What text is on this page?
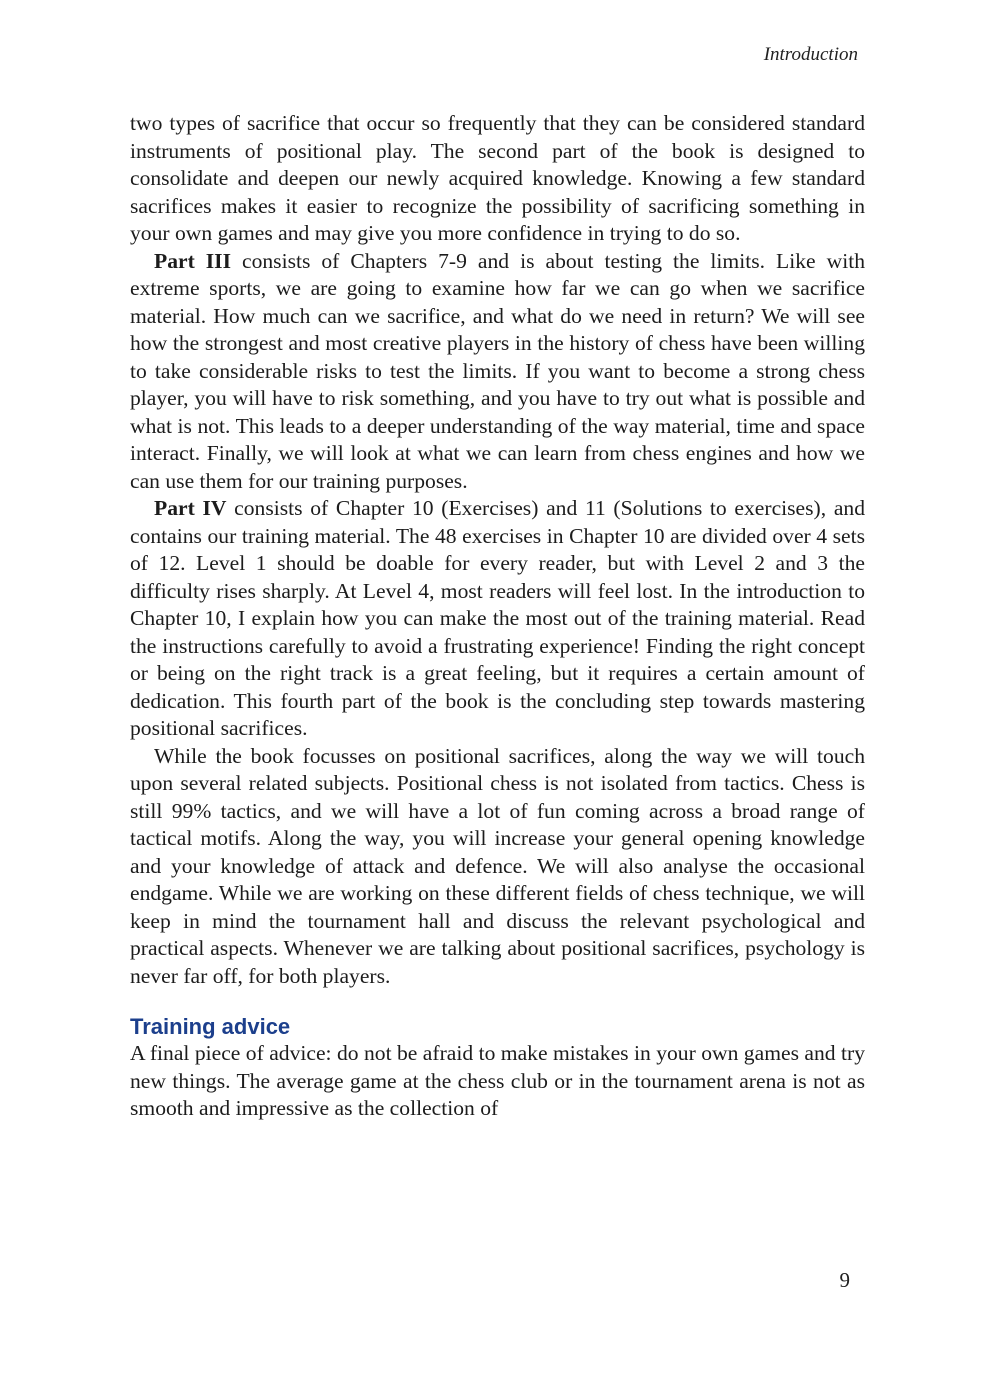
Introduction

two types of sacrifice that occur so frequently that they can be considered standard instruments of positional play. The second part of the book is designed to consolidate and deepen our newly acquired knowledge. Knowing a few standard sacrifices makes it easier to recognize the possibility of sacrificing something in your own games and may give you more confidence in trying to do so.

Part III consists of Chapters 7-9 and is about testing the limits. Like with extreme sports, we are going to examine how far we can go when we sacrifice material. How much can we sacrifice, and what do we need in return? We will see how the strongest and most creative players in the history of chess have been willing to take considerable risks to test the limits. If you want to become a strong chess player, you will have to risk something, and you have to try out what is possible and what is not. This leads to a deeper understanding of the way material, time and space interact. Finally, we will look at what we can learn from chess engines and how we can use them for our training purposes.

Part IV consists of Chapter 10 (Exercises) and 11 (Solutions to exercises), and contains our training material. The 48 exercises in Chapter 10 are divided over 4 sets of 12. Level 1 should be doable for every reader, but with Level 2 and 3 the difficulty rises sharply. At Level 4, most readers will feel lost. In the introduction to Chapter 10, I explain how you can make the most out of the training material. Read the instructions carefully to avoid a frustrating experience! Finding the right concept or being on the right track is a great feeling, but it requires a certain amount of dedication. This fourth part of the book is the concluding step towards mastering positional sacrifices.

While the book focusses on positional sacrifices, along the way we will touch upon several related subjects. Positional chess is not isolated from tactics. Chess is still 99% tactics, and we will have a lot of fun coming across a broad range of tactical motifs. Along the way, you will increase your general opening knowledge and your knowledge of attack and defence. We will also analyse the occasional endgame. While we are working on these different fields of chess technique, we will keep in mind the tournament hall and discuss the relevant psychological and practical aspects. Whenever we are talking about positional sacrifices, psychology is never far off, for both players.

Training advice

A final piece of advice: do not be afraid to make mistakes in your own games and try new things. The average game at the chess club or in the tournament arena is not as smooth and impressive as the collection of

9
